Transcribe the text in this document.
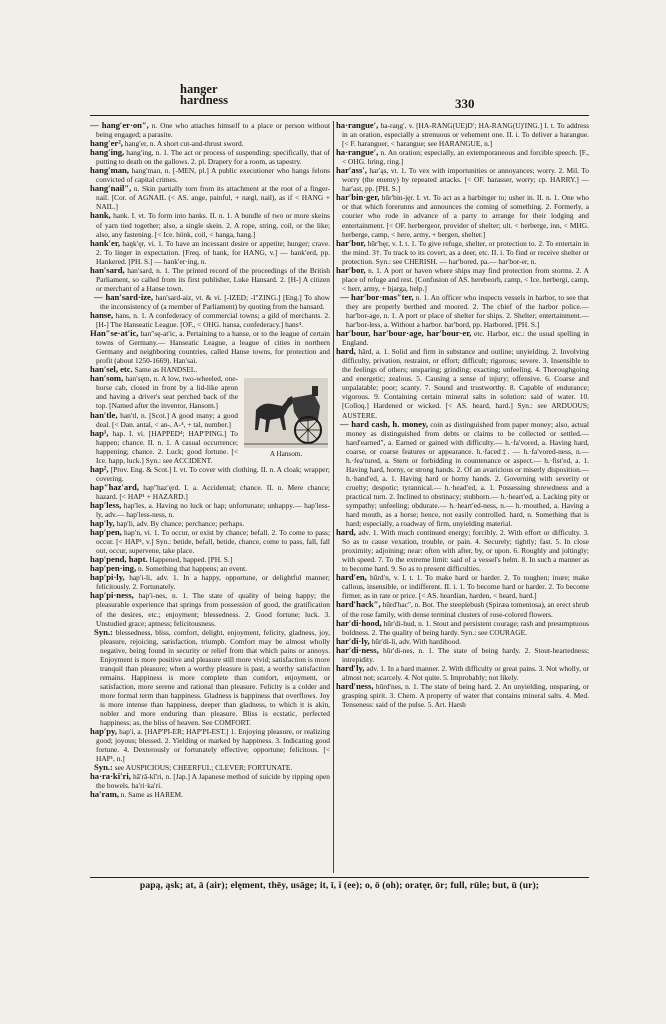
hanger
hardness	330

— hang′er·on″, n. One who attaches himself to a place or person without being engaged; a parasite.

hang′er², hang′er, n. A short cut-and-thrust sword.

hang′ing, hang′ing, n. 1. The act or process of suspending; specifically, that of putting to death on the gallows. 2. pl. Drapery for a room, as tapestry.

hang′man, hang′man, n. [-MEN, pl.] A public executioner who hangs felons convicted of capital crimes.

hang′nail″, n. Skin partially torn from its attachment at the root of a finger-nail. [Cor. of AGNAIL (< AS. ange, painful, + nægl, nail), as if < HANG + NAIL.]

hank, hank. I. vt. To form into hanks. II. n. 1. A bundle of two or more skeins of yarn tied together; also, a single skein. 2. A rope, string, coil, or the like; also, any fastening. [< Ice. hönk, coil, < hanga, hang.]

hank′er, haŋk′ęr, vi. 1. To have an incessant desire or appetite; hunger; crave. 2. To linger in expectation. [Freq. of hank, for HANG, v.] — hank′erd, pp. Hankered. [PH. S.] — hank′er·ing, n.

han′sard, han′sard, n. 1. The printed record of the proceedings of the British Parliament, so called from its first publisher, Luke Hansard. 2. [H-] A citizen or merchant of a Hanse town.

— han′sard·ize, han′sard-aiz, vt. & vi. [-IZED; -I″ZING.] [Eng.] To show the inconsistency of (a member of Parliament) by quoting from the hansard.

hanse, hans, n. 1. A confederacy of commercial towns; a gild of merchants. 2. [H-] The Hanseatic League. [OF., < OHG. hansa, confederacy.] hans⁴.

Han″se·at′ic, han″sę-at′ic, a. Pertaining to a hanse, or to the league of certain towns of Germany.— Hanseatic League, a league of cities in northern Germany and neighboring countries, called Hanse towns, for protection and profit (about 1250-1669). Han′sai.

han′sel, etc. Same as HANDSEL.

A Hansom.

han′som, han′sęm, n. A low, two-wheeled, one-horse cab, closed in front by a lid-like apron and having a driver's seat perched back of the top. [Named after the inventor, Hansom.]

han′tle, han′tl, n. [Scot.] A good many; a good deal. [< Dan. antal, < an-, A-⁴, + tal, number.]

hap¹, hap. I. vi. [HAPPED⁴; HAP′PING.] To happen; chance. II. n. 1. A casual occurrence; happening; chance. 2. Luck; good fortune. [< Ice. happ, luck.] Syn.: see ACCIDENT.

hap², [Prov. Eng. & Scot.] I. vt. To cover with clothing. II. n. A cloak; wrapper; covering.

hap″haz′ard, hap″haz′ęrd. I. a. Accidental; chance. II. n. Mere chance; hazard. [< HAP¹ + HAZARD.]

hap′less, hap′les, a. Having no luck or hap; unfortunate; unhappy.— hap′less-ly, adv.— hap′less-ness, n.

hap′ly, hap′li, adv. By chance; perchance; perhaps.

hap′pen, hap′n, vi. 1. To occur, or exist by chance; befall. 2. To come to pass; occur. [< HAP¹, v.] Syn.: betide, befall, betide, chance, come to pass, fall, fall out, occur, supervene, take place.

hap′pend, hapt. Happened, happed. [PH. S.]

hap′pen·ing, n. Something that happens; an event.

hap′pi·ly, hap′i-li, adv. 1. In a happy, opportune, or delightful manner; felicitously. 2. Fortunately.

hap′pi·ness, hap′i-nes, n. 1. The state of quality of being happy; the pleasurable experience that springs from possession of good, the gratification of the desires, etc.; enjoyment; blessedness. 2. Good fortune; luck. 3. Unstudied grace; aptness; felicitousness.

Syn.: blessedness, bliss, comfort, delight, enjoyment, felicity, gladness, joy, pleasure, rejoicing, satisfaction, triumph. Comfort may be almost wholly negative, being found in security or relief from that which pains or annoys. Enjoyment is more positive and pleasure still more vivid; satisfaction is more tranquil than pleasure; when a worthy pleasure is past, a worthy satisfaction remains. Happiness is more complete than comfort, enjoyment, or satisfaction, more serene and rational than pleasure. Felicity is a colder and more formal term than happiness. Gladness is happiness that overflows. Joy is more intense than happiness, deeper than gladness, to which it is akin, nobler and more enduring than pleasure. Bliss is ecstatic, perfected happiness; as, the bliss of heaven. See COMFORT.

hap′py, hap′i, a. [HAP′PI-ER; HAP′PI-EST.] 1. Enjoying pleasure, or realizing good; joyous; blessed. 2. Yielding or marked by happiness. 3. Indicating good fortune. 4. Dexterously or fortunately effective; opportune; felicitous. [< HAP¹, n.]

Syn.: see AUSPICIOUS; CHEERFUL; CLEVER; FORTUNATE.

ha·ra·ki′ri, hā′rā-kī′ri, n. [Jap.] A Japanese method of suicide by ripping open the bowels. ha′ri·ka′ri.

ha′ram, n. Same as HAREM.

ha·rangue′, ha-raŋg′, v. [HA-RANG(UE)D′; HA-RANG(U)′ING.] I. t. To address in an oration, especially a strenuous or vehement one. II. i. To deliver a harangue. [< F. haranguer, < harangue; see HARANGUE, n.]

ha·rangue′, n. An oration; especially, an extemporaneous and forcible speech. [F., < OHG. hring, ring.]

har′ass′, har′ąs, vt. 1. To vex with importunities or annoyances; worry. 2. Mil. To worry (the enemy) by repeated attacks. [< OF. harasser, worry; cp. HARRY.] — har′ast, pp. [PH. S.]

har′bin·ger, hūr′bin-jęr. I. vt. To act as a harbinger to; usher in. II. n. 1. One who or that which forerunns and announces the coming of something. 2. Formerly, a courier who rode in advance of a party to arrange for their lodging and entertainment. [< OF. herbergeor, provider of shelter; ult. < herberge, inn, < MHG. herberge, camp, < here, army, + bergen, shelter.]

har′bor, hūr′bęr, v. I. t. 1. To give refuge, shelter, or protection to. 2. To entertain in the mind. 3†. To track to its covert, as a deer, etc. II. i. To find or receive shelter or protection. Syn.: see CHERISH. — har′bored, pa.— har′bor-er, n.

har′bor, n. 1. A port or haven where ships may find protection from storms. 2. A place of refuge and rest. [Confusion of AS. herebeorh, camp, < Ice. herbergi, camp, < herr, army, + bjarga, help.]

— har′bor·mas″ter, n. 1. An officer who inspects vessels in harbor, to see that they are properly berthed and moored. 2. The chief of the harbor police.— har′bor-age, n. 1. A port or place of shelter for ships. 2. Shelter; entertainment.— har′bor-less, a. Without a harbor. har′bord, pp. Harbored. [PH. S.]

har′bour, har′bour·age, har′bour·er, etc. Harbor, etc.: the usual spelling in England.

hard, hārd, a. 1. Solid and firm in substance and outline; unyielding. 2. Involving difficulty, privation, restraint, or effort; difficult; rigorous; severe. 3. Insensible to the feelings of others; unsparing; grinding; exacting; unfeeling. 4. Thoroughgoing and energetic; zealous. 5. Causing a sense of injury; offensive. 6. Coarse and unpalatable; poor; scanty. 7. Sound and trustworthy. 8. Capable of endurance; vigorous. 9. Containing certain mineral salts in solution: said of water. 10. [Colloq.] Hardened or wicked. [< AS. heard, hard.] Syn.: see ARDUOUS; AUSTERE.

— hard cash, h. money, coin as distinguished from paper money; also, actual money as distinguished from debts or claims to be collected or settled.— hard′earned″, a. Earned or gained with difficulty.— h.·fa′vored, a. Having hard, coarse, or coarse features or appearance. h.·faced‡. — h.·fa′vored-ness, n.— h.·fea′tured, a. Stern or forbidding in countenance or aspect.— h.·fist′ed, a. 1. Having hard, horny, or strong hands. 2. Of an avaricious or miserly disposition.— h.·hand′ed, a. 1. Having hard or horny hands. 2. Governing with severity or cruelty; despotic; tyrannical.— h.·head′ed, a. 1. Possessing shrewdness and a practical turn. 2. Inclined to obstinacy; stubborn.— h.·heart′ed, a. Lacking pity or sympathy; unfeeling; obdurate.— h.·heart′ed-ness, n.— h.·mouthed, a. Having a hard mouth, as a horse; hence, not easily controlled. hard, n. Something that is hard; especially, a roadway of firm, unyielding material.

hard, adv. 1. With much continued energy; forcibly. 2. With effort or difficulty. 3. So as to cause vexation, trouble, or pain. 4. Securely; tightly; fast. 5. In close proximity; adjoining; near: often with after, by, or upon. 6. Roughly and joltingly; with speed. 7. To the extreme limit: said of a vessel's helm. 8. In such a manner as to become hard. 9. So as to present difficulties.

hard′en, hūrd′n, v. I. t. 1. To make hard or harder. 2. To toughen; inure; make callous, insensible, or indifferent. II. i. 1. To become hard or harder. 2. To become firmer, as in rate or price. [< AS. heardian, harden, < heard, hard.]

hard′hack″, hūrd′hac″, n. Bot. The steeplebush (Spiræa tomentosa), an erect shrub of the rose family, with dense terminal clusters of rose-colored flowers.

har′di·hood, hūr′di-hud, n. 1. Stout and persistent courage; rash and presumptuous boldness. 2. The quality of being hardy. Syn.: see COURAGE.

har′di·ly, hūr′di-li, adv. With hardihood.

har′di·ness, hūr′di-nes, n. 1. The state of being hardy. 2. Stout-heartedness; intrepidity.

hard′ly, adv. 1. In a hard manner. 2. With difficulty or great pains. 3. Not wholly, or almost not; scarcely. 4. Not quite. 5. Improbably; not likely.

hard′ness, hūrd′nes, n. 1. The state of being hard. 2. An unyielding, unsparing, or grasping spirit. 3. Chem. A property of water that contains mineral salts. 4. Med. Tenseness: said of the pulse. 5. Art. Harsh

papą, ąsk; at, ā (air); elęment, thēy, usāge; it, ī, ï (ee); o, ō (oh); oratęr, ōr; full, rūle; but, ū (ur);
